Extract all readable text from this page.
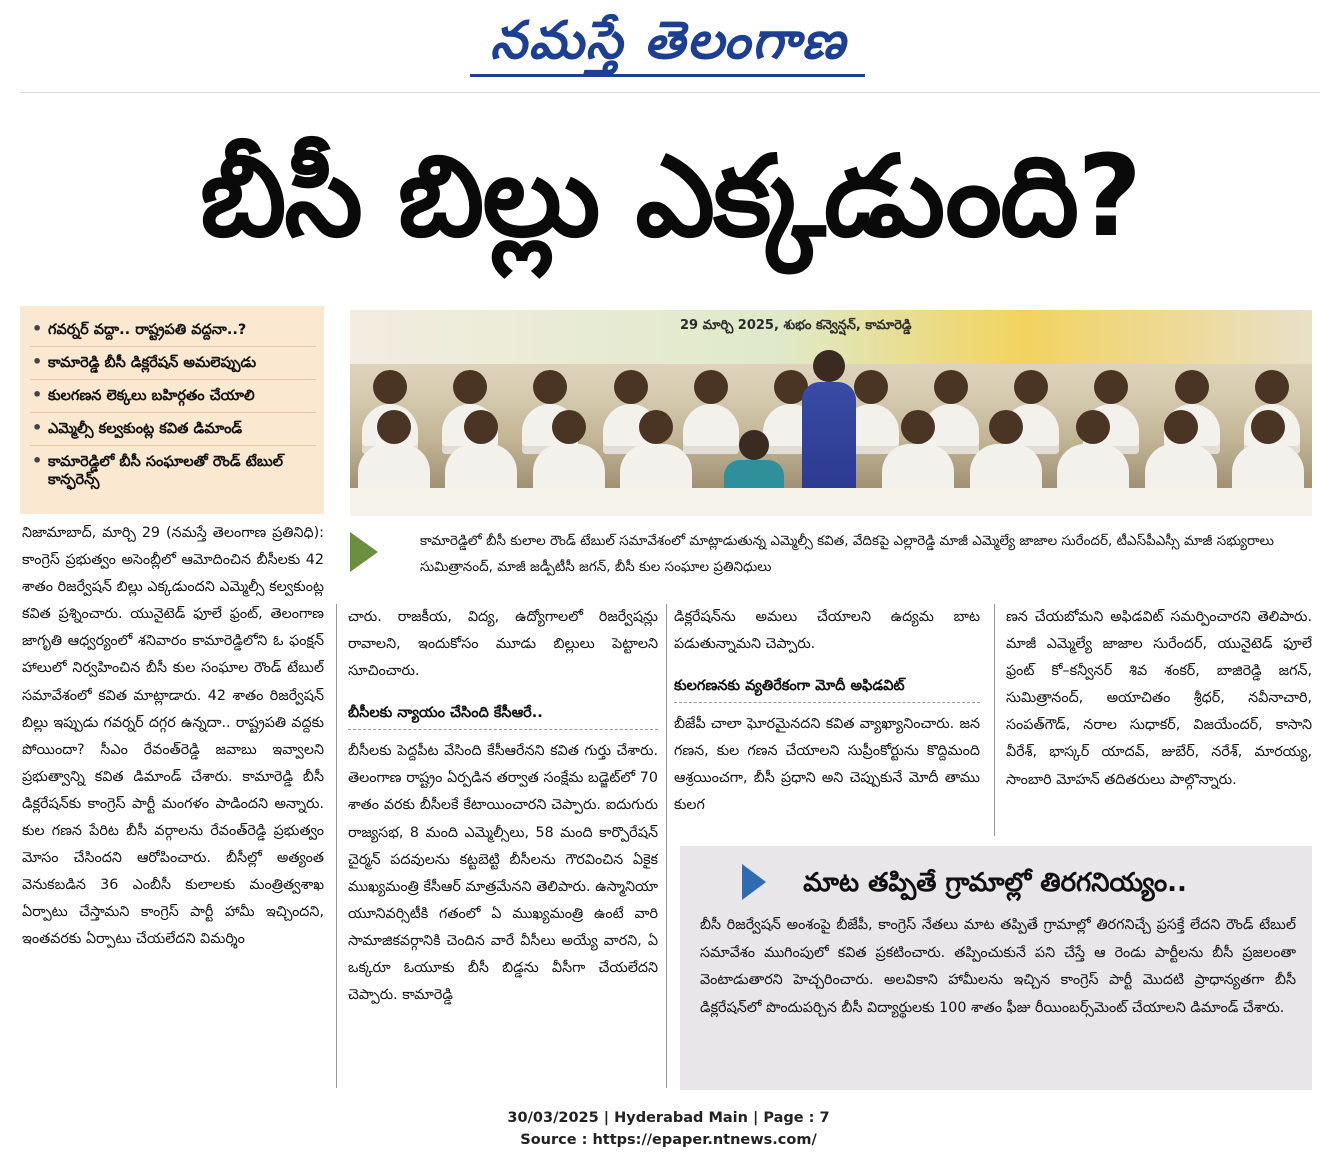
నమస్తే తెలంగాణ
బీసీ బిల్లు ఎక్కడుంది?
• గవర్నర్ వద్దా.. రాష్ట్రపతి వద్దనా..?
• కామారెడ్డి బీసీ డిక్లరేషన్ అమలెప్పుడు
• కులగణన లెక్కలు బహిర్గతం చేయాలి
• ఎమ్మెల్సీ కల్వకుంట్ల కవిత డిమాండ్
• కామారెడ్డిలో బీసీ సంఘాలతో రౌండ్ టేబుల్ కాన్ఫరెన్స్
29 మార్చి 2025, శుభం కన్వెన్షన్, కామారెడ్డి
కామారెడ్డిలో బీసీ కులాల రౌండ్ టేబుల్ సమావేశంలో మాట్లాడుతున్న ఎమ్మెల్సీ కవిత, వేదికపై ఎల్లారెడ్డి మాజీ ఎమ్మెల్యే జాజాల సురేందర్, టీఎస్‌పీఎస్సీ మాజీ సభ్యురాలు సుమిత్రానంద్, మాజీ జడ్పీటీసీ జగన్, బీసీ కుల సంఘాల ప్రతినిధులు

నిజామాబాద్, మార్చి 29 (నమస్తే తెలంగాణ ప్రతినిధి): కాంగ్రెస్ ప్రభుత్వం అసెంబ్లీలో ఆమోదించిన బీసీలకు 42 శాతం రిజర్వేషన్ బిల్లు ఎక్కడుందని ఎమ్మెల్సీ కల్వకుంట్ల కవిత ప్రశ్నించారు. యునైటెడ్ ఫూలే ఫ్రంట్, తెలంగాణ జాగృతి ఆధ్వర్యంలో శనివారం కామారెడ్డిలోని ఓ ఫంక్షన్ హాలులో నిర్వహించిన బీసీ కుల సంఘాల రౌండ్ టేబుల్ సమావేశంలో కవిత మాట్లాడారు. 42 శాతం రిజర్వేషన్ బిల్లు ఇప్పుడు గవర్నర్ దగ్గర ఉన్నదా.. రాష్ట్రపతి వద్దకు పోయిందా? సీఎం రేవంత్‌రెడ్డి జవాబు ఇవ్వాలని ప్రభుత్వాన్ని కవిత డిమాండ్ చేశారు. కామారెడ్డి బీసీ డిక్లరేషన్‌కు కాంగ్రెస్ పార్టీ మంగళం పాడిందని అన్నారు. కుల గణన పేరిట బీసీ వర్గాలను రేవంత్‌రెడ్డి ప్రభుత్వం మోసం చేసిందని ఆరోపించారు. బీసీల్లో అత్యంత వెనుకబడిన 36 ఎంబీసీ కులాలకు మంత్రిత్వశాఖ ఏర్పాటు చేస్తామని కాంగ్రెస్ పార్టీ హామీ ఇచ్చిందని, ఇంతవరకు ఏర్పాటు చేయలేదని విమర్శిం

చారు. రాజకీయ, విద్య, ఉద్యోగాలలో రిజర్వేషన్లు రావాలని, ఇందుకోసం మూడు బిల్లులు పెట్టాలని సూచించారు.

బీసీలకు న్యాయం చేసింది కేసీఆరే..

బీసీలకు పెద్దపీట వేసింది కేసీఆరేనని కవిత గుర్తు చేశారు. తెలంగాణ రాష్ట్రం ఏర్పడిన తర్వాత సంక్షేమ బడ్జెట్‌లో 70 శాతం వరకు బీసీలకే కేటాయించారని చెప్పారు. ఐదుగురు రాజ్యసభ, 8 మంది ఎమ్మెల్సీలు, 58 మంది కార్పొరేషన్ చైర్మన్ పదవులను కట్టబెట్టి బీసీలను గౌరవించిన ఏకైక ముఖ్యమంత్రి కేసీఆర్ మాత్రమేనని తెలిపారు. ఉస్మానియా యూనివర్సిటీకి గతంలో ఏ ముఖ్యమంత్రి ఉంటే వారి సామాజికవర్గానికి చెందిన వారే వీసీలు అయ్యే వారని, ఏ ఒక్కరూ ఓయూకు బీసీ బిడ్డను వీసీగా చేయలేదని చెప్పారు. కామారెడ్డి

డిక్లరేషన్‌ను అమలు చేయాలని ఉద్యమ బాట పడుతున్నామని చెప్పారు.

కులగణనకు వ్యతిరేకంగా మోదీ అఫిడవిట్

బీజేపీ చాలా ఘోరమైనదని కవిత వ్యాఖ్యానించారు. జన గణన, కుల గణన చేయాలని సుప్రీంకోర్టును కొద్దిమంది ఆశ్రయించగా, బీసీ ప్రధాని అని చెప్పుకునే మోదీ తాము కులగ

ణన చేయబోమని అఫిడవిట్ సమర్పించారని తెలిపారు. మాజీ ఎమ్మెల్యే జాజాల సురేందర్, యునైటెడ్ ఫూలే ఫ్రంట్ కో–కన్వీనర్ శివ శంకర్, బాజిరెడ్డి జగన్, సుమిత్రానంద్, అయాచితం శ్రీధర్, నవీనాచారి, సంపత్‌గౌడ్, నరాల సుధాకర్, విజయేందర్, కాసాని వీరేశ్, భాస్కర్ యాదవ్, జుబేర్, నరేశ్, మారయ్య, సాంబారి మోహన్ తదితరులు పాల్గొన్నారు.

మాట తప్పితే గ్రామాల్లో తిరగనియ్యం..
బీసీ రిజర్వేషన్ అంశంపై బీజేపీ, కాంగ్రెస్ నేతలు మాట తప్పితే గ్రామాల్లో తిరగనిచ్చే ప్రసక్తే లేదని రౌండ్ టేబుల్ సమావేశం ముగింపులో కవిత ప్రకటించారు. తప్పించుకునే పని చేస్తే ఆ రెండు పార్టీలను బీసీ ప్రజలంతా వెంటాడుతారని హెచ్చరించారు. అలవికాని హామీలను ఇచ్చిన కాంగ్రెస్ పార్టీ మొదటి ప్రాధాన్యతగా బీసీ డిక్లరేషన్‌లో పొందుపర్చిన బీసీ విద్యార్థులకు 100 శాతం ఫీజు రీయింబర్స్‌మెంట్ చేయాలని డిమాండ్ చేశారు.
30/03/2025 | Hyderabad Main | Page : 7
Source : https://epaper.ntnews.com/
